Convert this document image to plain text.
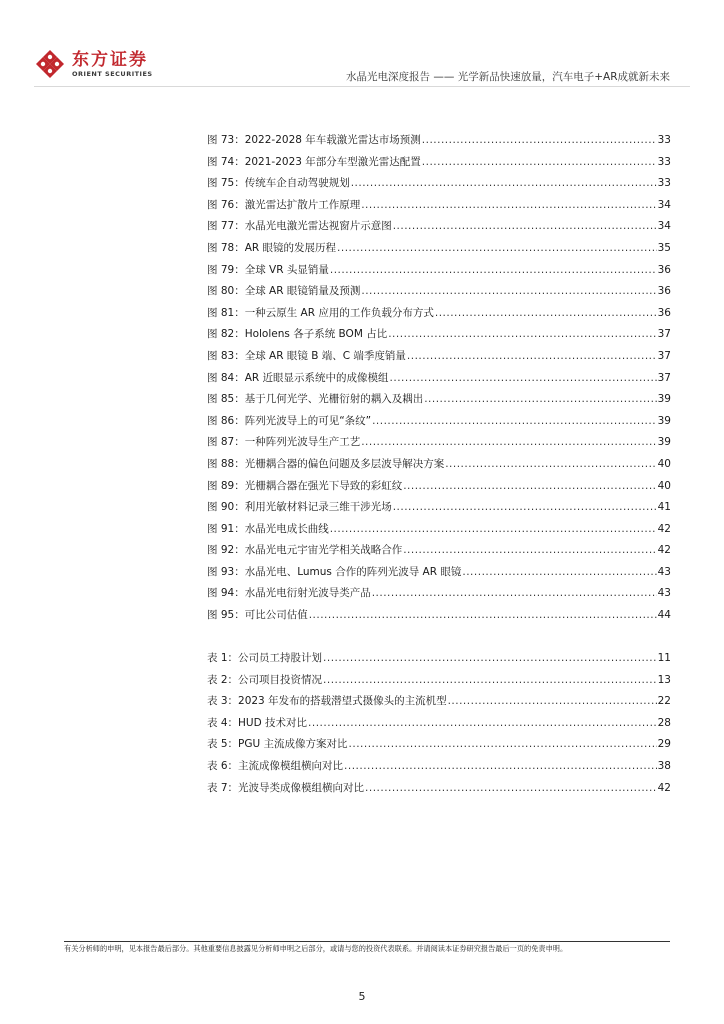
东方证券
ORIENT SECURITIES	水晶光电深度报告 —— 光学新品快速放量，汽车电子+AR成就新未来
图 73：2022-2028 年车载激光雷达市场预测 .....	33
图 74：2021-2023 年部分车型激光雷达配置 .....	33
图 75：传统车企自动驾驶规划 .....	33
图 76：激光雷达扩散片工作原理 .....	34
图 77：水晶光电激光雷达视窗片示意图 .....	34
图 78：AR 眼镜的发展历程 .....	35
图 79：全球 VR 头显销量 .....	36
图 80：全球 AR 眼镜销量及预测 .....	36
图 81：一种云原生 AR 应用的工作负载分布方式 .....	36
图 82：Hololens 各子系统 BOM 占比 .....	37
图 83：全球 AR 眼镜 B 端、C 端季度销量 .....	37
图 84：AR 近眼显示系统中的成像模组 .....	37
图 85：基于几何光学、光栅衍射的耦入及耦出 .....	39
图 86：阵列光波导上的可见“条纹” .....	39
图 87：一种阵列光波导生产工艺 .....	39
图 88：光栅耦合器的偏色问题及多层波导解决方案 .....	40
图 89：光栅耦合器在强光下导致的彩虹纹 .....	40
图 90：利用光敏材料记录三维干涉光场 .....	41
图 91：水晶光电成长曲线 .....	42
图 92：水晶光电元宇宙光学相关战略合作 .....	42
图 93：水晶光电、Lumus 合作的阵列光波导 AR 眼镜 .....	43
图 94：水晶光电衍射光波导类产品 .....	43
图 95：可比公司估值 .....	44
表 1：公司员工持股计划 .....	11
表 2：公司项目投资情况 .....	13
表 3：2023 年发布的搭载潜望式摄像头的主流机型 .....	22
表 4：HUD 技术对比 .....	28
表 5：PGU 主流成像方案对比 .....	29
表 6：主流成像模组横向对比 .....	38
表 7：光波导类成像模组横向对比 .....	42
有关分析师的申明，见本报告最后部分。其他重要信息披露见分析师申明之后部分，或请与您的投资代表联系。并请阅读本证券研究报告最后一页的免责申明。
5
